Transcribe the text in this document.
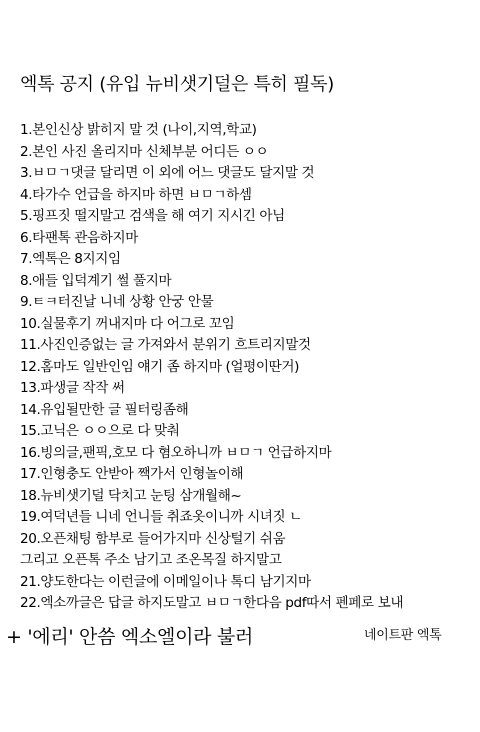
엑톡 공지 (유입 뉴비샛기덜은 특히 필독)
1.본인신상 밝히지 말 것 (나이,지역,학교)
2.본인 사진 올리지마 신체부분 어디든 ㅇㅇ
3.ㅂㅁㄱ댓글 달리면 이 외에 어느 댓글도 달지말 것
4.타가수 언급을 하지마 하면 ㅂㅁㄱ하셈
5.핑프짓 떨지말고 검색을 해 여기 지시긴 아님
6.타팬톡 관음하지마
7.엑톡은 8지지임
8.애들 입덕계기 썰 풀지마
9.ㅌㅋ터진날 니네 상황 안궁 안물
10.실물후기 꺼내지마 다 어그로 꼬임
11.사진인증없는 글 가져와서 분위기 흐트리지말것
12.홈마도 일반인임 얘기 좀 하지마 (얼평이딴거)
13.파생글 작작 써
14.유입될만한 글 필터링좀해
15.고닉은 ㅇㅇ으로 다 맞춰
16.빙의글,팬픽,호모 다 혐오하니까 ㅂㅁㄱ 언급하지마
17.인형충도 안받아 짹가서 인형놀이해
18.뉴비샛기덜 닥치고 눈팅 삼개월해~
19.여덕년들 니네 언니들 취죠옷이니까 시녀짓 ㄴ
20.오픈채팅 함부로 들어가지마 신상털기 쉬움
그리고 오픈톡 주소 남기고 조온목질 하지말고
21.양도한다는 이런글에 이메일이나 톡디 남기지마
22.엑소까글은 답글 하지도말고 ㅂㅁㄱ한다음 pdf따서 펜페로 보내
+ '에리' 안씀 엑소엘이라 불러	네이트판 엑톡
